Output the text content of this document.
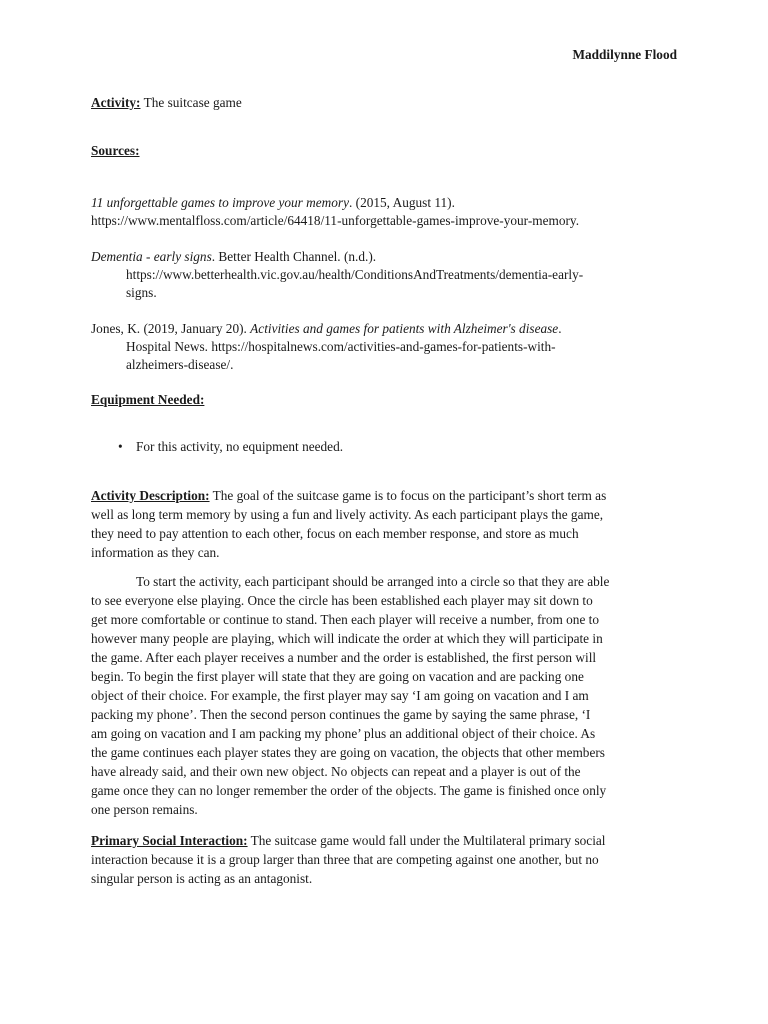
Maddilynne Flood
Activity: The suitcase game
Sources:
11 unforgettable games to improve your memory. (2015, August 11).
https://www.mentalfloss.com/article/64418/11-unforgettable-games-improve-your-memory.
Dementia - early signs. Better Health Channel. (n.d.).
https://www.betterhealth.vic.gov.au/health/ConditionsAndTreatments/dementia-early-
signs.
Jones, K. (2019, January 20). Activities and games for patients with Alzheimer's disease.
Hospital News. https://hospitalnews.com/activities-and-games-for-patients-with-
alzheimers-disease/.
Equipment Needed:
• For this activity, no equipment needed.
Activity Description: The goal of the suitcase game is to focus on the participant’s short term as
well as long term memory by using a fun and lively activity. As each participant plays the game,
they need to pay attention to each other, focus on each member response, and store as much
information as they can.
To start the activity, each participant should be arranged into a circle so that they are able
to see everyone else playing. Once the circle has been established each player may sit down to
get more comfortable or continue to stand. Then each player will receive a number, from one to
however many people are playing, which will indicate the order at which they will participate in
the game. After each player receives a number and the order is established, the first person will
begin. To begin the first player will state that they are going on vacation and are packing one
object of their choice. For example, the first player may say ‘I am going on vacation and I am
packing my phone’. Then the second person continues the game by saying the same phrase, ‘I
am going on vacation and I am packing my phone’ plus an additional object of their choice. As
the game continues each player states they are going on vacation, the objects that other members
have already said, and their own new object. No objects can repeat and a player is out of the
game once they can no longer remember the order of the objects. The game is finished once only
one person remains.
Primary Social Interaction: The suitcase game would fall under the Multilateral primary social
interaction because it is a group larger than three that are competing against one another, but no
singular person is acting as an antagonist.
